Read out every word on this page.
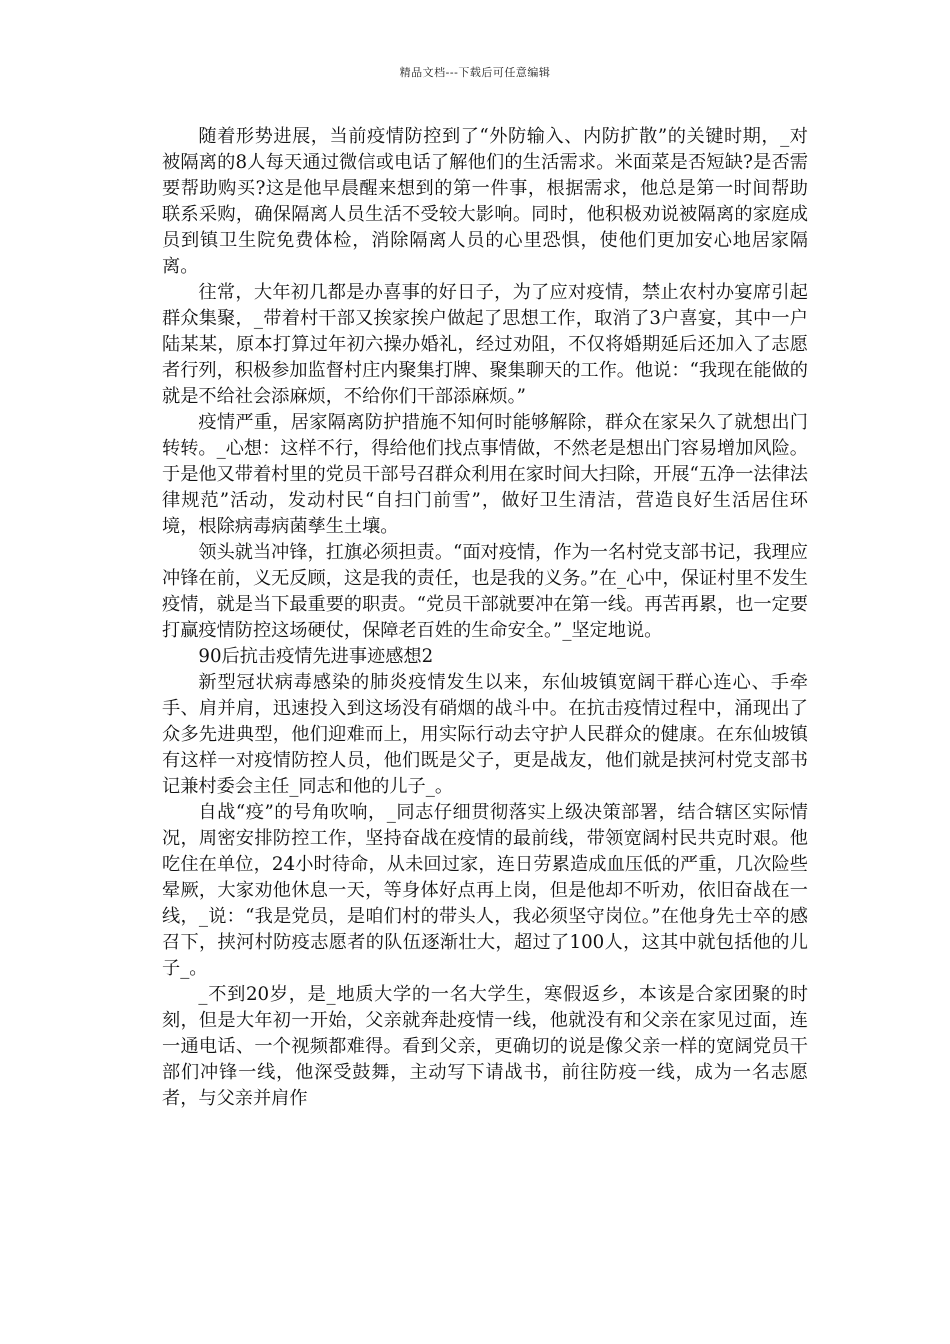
精品文档---下载后可任意编辑

随着形势进展，当前疫情防控到了“外防输入、内防扩散”的关键时期，_对被隔离的8人每天通过微信或电话了解他们的生活需求。米面菜是否短缺?是否需要帮助购买?这是他早晨醒来想到的第一件事，根据需求，他总是第一时间帮助联系采购，确保隔离人员生活不受较大影响。同时，他积极劝说被隔离的家庭成员到镇卫生院免费体检，消除隔离人员的心里恐惧，使他们更加安心地居家隔离。

往常，大年初几都是办喜事的好日子，为了应对疫情，禁止农村办宴席引起群众集聚，_带着村干部又挨家挨户做起了思想工作，取消了3户喜宴，其中一户陆某某，原本打算过年初六操办婚礼，经过劝阻，不仅将婚期延后还加入了志愿者行列，积极参加监督村庄内聚集打牌、聚集聊天的工作。他说：“我现在能做的就是不给社会添麻烦，不给你们干部添麻烦。”

疫情严重，居家隔离防护措施不知何时能够解除，群众在家呆久了就想出门转转。_心想：这样不行，得给他们找点事情做，不然老是想出门容易增加风险。于是他又带着村里的党员干部号召群众利用在家时间大扫除，开展“五净一法律法律规范”活动，发动村民“自扫门前雪”，做好卫生清洁，营造良好生活居住环境，根除病毒病菌孳生土壤。

领头就当冲锋，扛旗必须担责。“面对疫情，作为一名村党支部书记，我理应冲锋在前，义无反顾，这是我的责任，也是我的义务。”在_心中，保证村里不发生疫情，就是当下最重要的职责。“党员干部就要冲在第一线。再苦再累，也一定要打赢疫情防控这场硬仗，保障老百姓的生命安全。”_坚定地说。

90后抗击疫情先进事迹感想2

新型冠状病毒感染的肺炎疫情发生以来，东仙坡镇宽阔干群心连心、手牵手、肩并肩，迅速投入到这场没有硝烟的战斗中。在抗击疫情过程中，涌现出了众多先进典型，他们迎难而上，用实际行动去守护人民群众的健康。在东仙坡镇有这样一对疫情防控人员，他们既是父子，更是战友，他们就是挟河村党支部书记兼村委会主任_同志和他的儿子_。

自战“疫”的号角吹响，_同志仔细贯彻落实上级决策部署，结合辖区实际情况，周密安排防控工作，坚持奋战在疫情的最前线，带领宽阔村民共克时艰。他吃住在单位，24小时待命，从未回过家，连日劳累造成血压低的严重，几次险些晕厥，大家劝他休息一天，等身体好点再上岗，但是他却不听劝，依旧奋战在一线，_说：“我是党员，是咱们村的带头人，我必须坚守岗位。”在他身先士卒的感召下，挟河村防疫志愿者的队伍逐渐壮大，超过了100人，这其中就包括他的儿子_。

_不到20岁，是_地质大学的一名大学生，寒假返乡，本该是合家团聚的时刻，但是大年初一开始，父亲就奔赴疫情一线，他就没有和父亲在家见过面，连一通电话、一个视频都难得。看到父亲，更确切的说是像父亲一样的宽阔党员干部们冲锋一线，他深受鼓舞，主动写下请战书，前往防疫一线，成为一名志愿者，与父亲并肩作
